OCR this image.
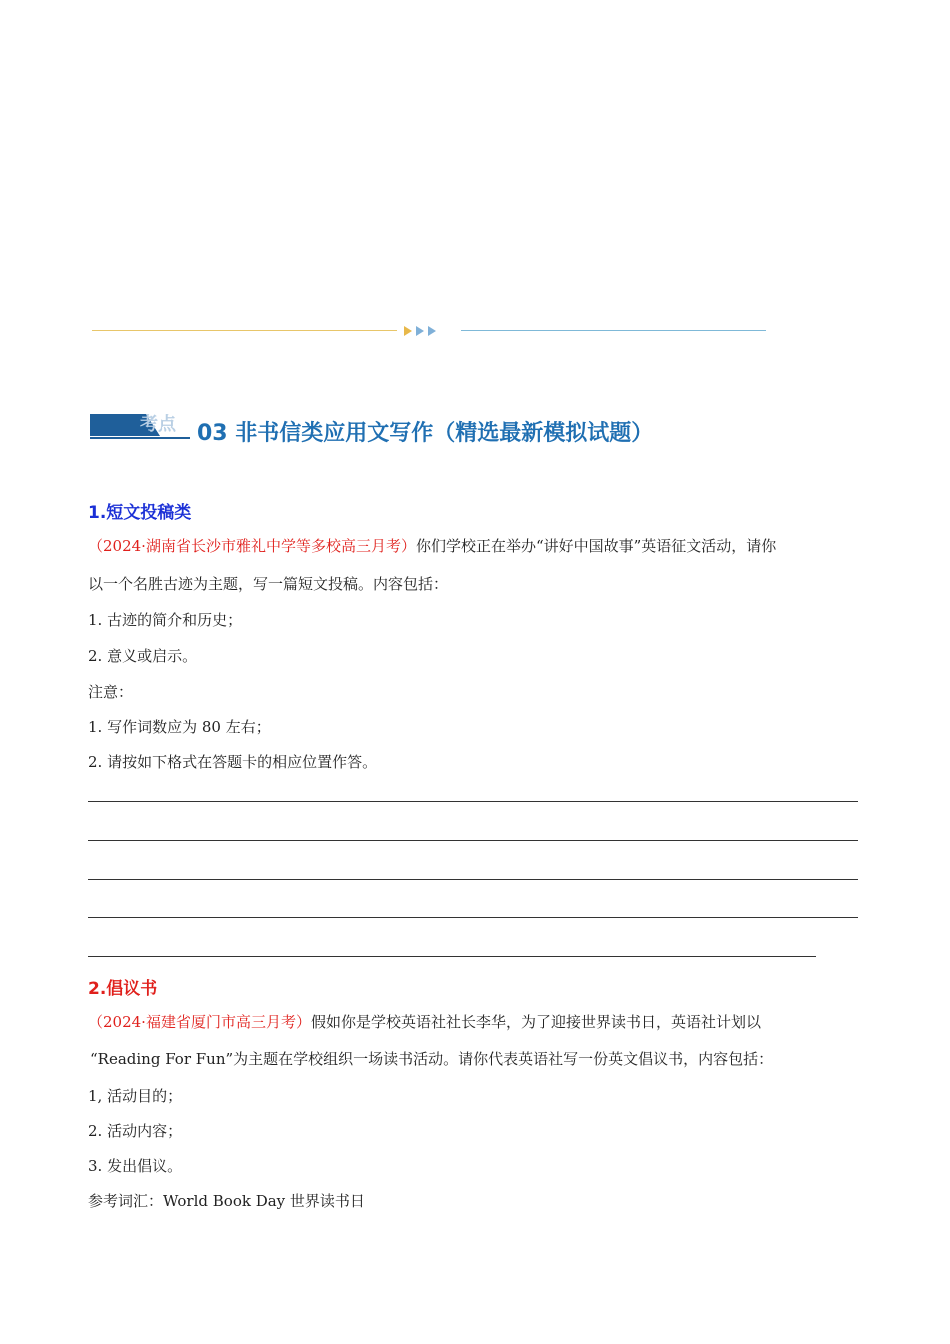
考点 03 非书信类应用文写作（精选最新模拟试题）
1.短文投稿类
（2024·湖南省长沙市雅礼中学等多校高三月考）你们学校正在举办“讲好中国故事”英语征文活动，请你
以一个名胜古迹为主题，写一篇短文投稿。内容包括：
1. 古迹的简介和历史；
2. 意义或启示。
注意：
1. 写作词数应为 80 左右；
2. 请按如下格式在答题卡的相应位置作答。
2.倡议书
（2024·福建省厦门市高三月考）假如你是学校英语社社长李华，为了迎接世界读书日，英语社计划以
“Reading For Fun”为主题在学校组织一场读书活动。请你代表英语社写一份英文倡议书，内容包括：
1, 活动目的；
2. 活动内容；
3. 发出倡议。
参考词汇：World Book Day 世界读书日
